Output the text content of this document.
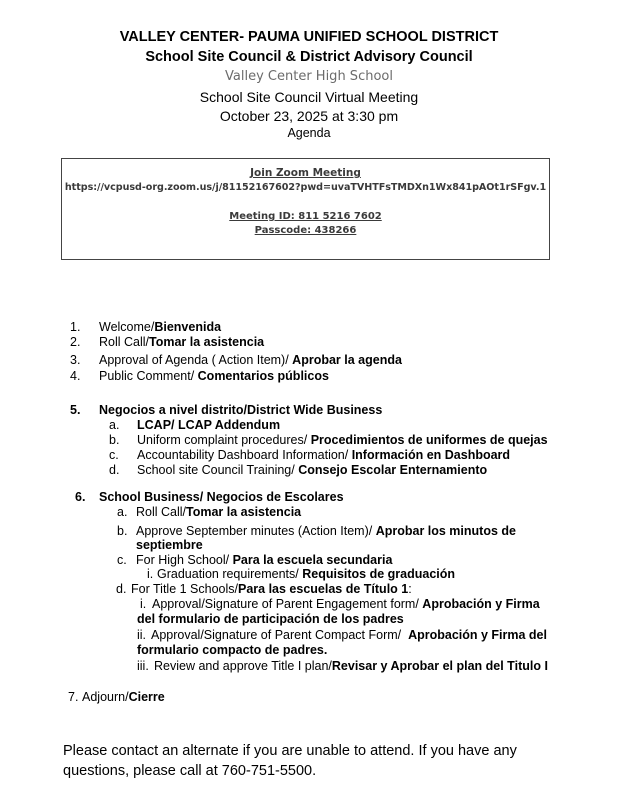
VALLEY CENTER- PAUMA UNIFIED SCHOOL DISTRICT
School Site Council & District Advisory Council
Valley Center High School
School Site Council Virtual Meeting
October 23, 2025 at 3:30 pm
Agenda
Join Zoom Meeting
https://vcpusd-org.zoom.us/j/81152167602?pwd=uvaTVHTFsTMDXn1Wx841pAOt1rSFgv.1
Meeting ID: 811 5216 7602
Passcode: 438266
1. Welcome/Bienvenida
2. Roll Call/Tomar la asistencia
3. Approval of Agenda ( Action Item)/ Aprobar la agenda
4. Public Comment/ Comentarios públicos
5. Negocios a nivel distrito/District Wide Business
a. LCAP/ LCAP Addendum
b. Uniform complaint procedures/ Procedimientos de uniformes de quejas
c. Accountability Dashboard Information/ Información en Dashboard
d. School site Council Training/ Consejo Escolar Enternamiento
6. School Business/ Negocios de Escolares
a. Roll Call/Tomar la asistencia
b. Approve September minutes (Action Item)/ Aprobar los minutos de
septiembre
c. For High School/ Para la escuela secundaria
i. Graduation requirements/ Requisitos de graduación
d. For Title 1 Schools/Para las escuelas de Título 1:
i. Approval/Signature of Parent Engagement form/ Aprobación y Firma
del formulario de participación de los padres
ii. Approval/Signature of Parent Compact Form/  Aprobación y Firma del
formulario compacto de padres.
iii. Review and approve Title I plan/Revisar y Aprobar el plan del Titulo I
7. Adjourn/Cierre
Please contact an alternate if you are unable to attend. If you have any questions, please call at 760-751-5500.
